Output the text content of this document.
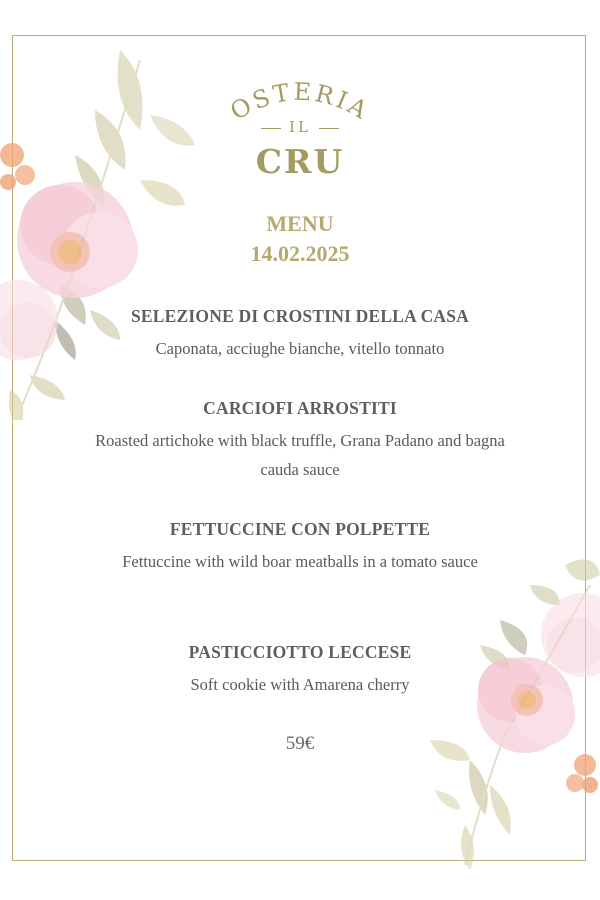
OSTERIA
IL
CRU
MENU
14.02.2025
SELEZIONE DI CROSTINI DELLA CASA
Caponata, acciughe bianche, vitello tonnato
CARCIOFI ARROSTITI
Roasted artichoke with black truffle, Grana Padano and bagna cauda sauce
FETTUCCINE CON POLPETTE
Fettuccine with wild boar meatballs in a tomato sauce
PASTICCIOTTO LECCESE
Soft cookie with Amarena cherry
59€
